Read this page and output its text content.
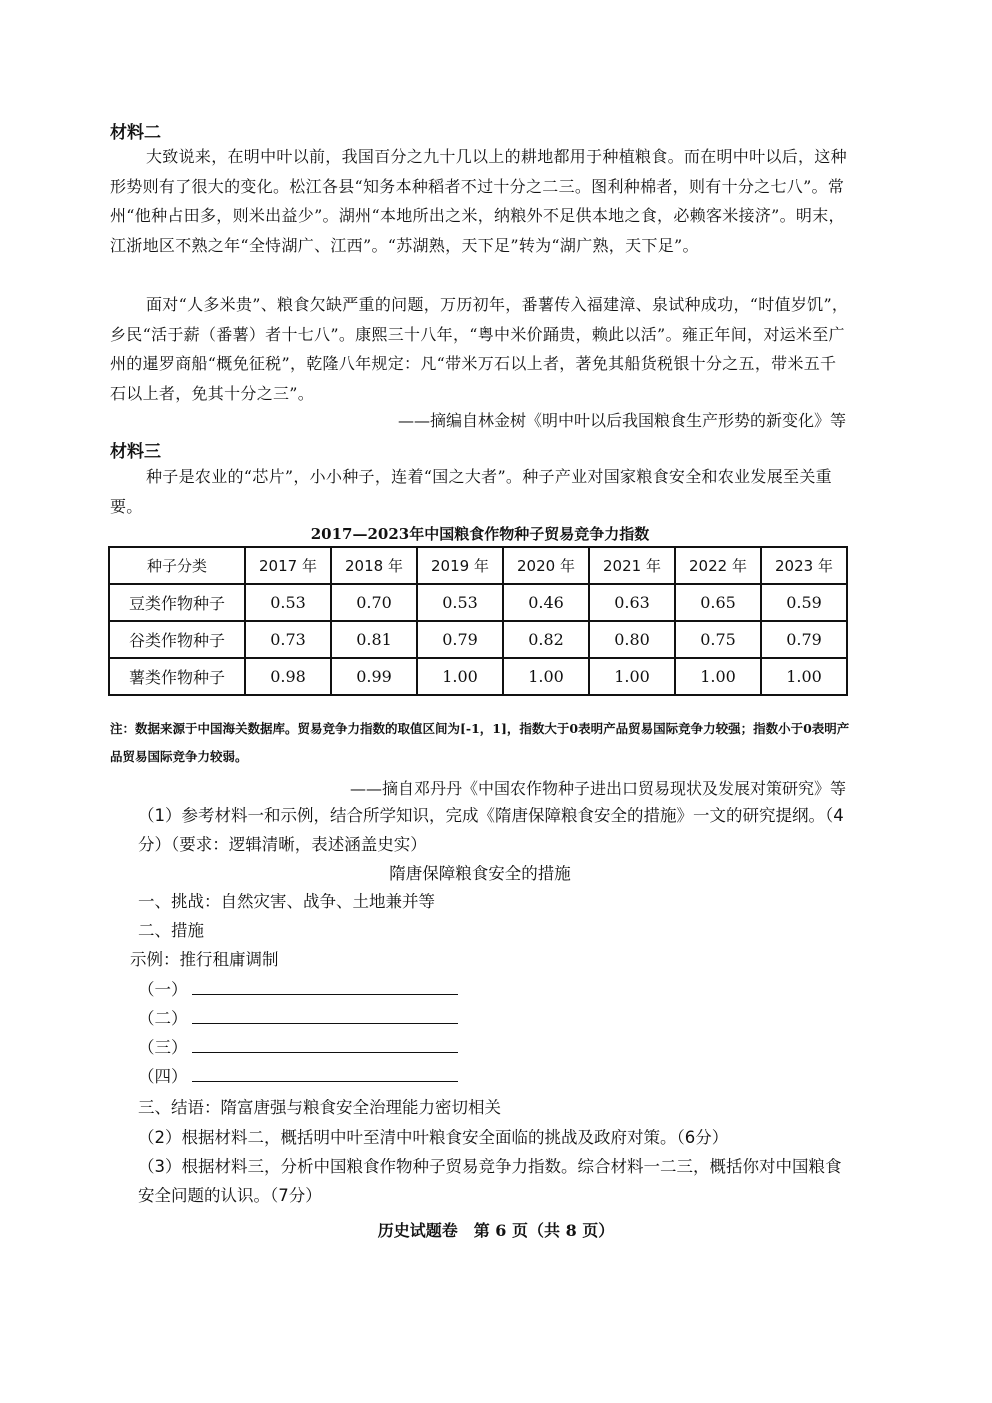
材料二

大致说来，在明中叶以前，我国百分之九十几以上的耕地都用于种植粮食。而在明中叶以后，这种形势则有了很大的变化。松江各县“知务本种稻者不过十分之二三。图利种棉者，则有十分之七八”。常州“他种占田多，则米出益少”。湖州“本地所出之米，纳粮外不足供本地之食，必赖客米接济”。明末，江浙地区不熟之年“全恃湖广、江西”。“苏湖熟，天下足”转为“湖广熟，天下足”。

面对“人多米贵”、粮食欠缺严重的问题，万历初年，番薯传入福建漳、泉试种成功，“时值岁饥”，乡民“活于薪（番薯）者十七八”。康熙三十八年，“粤中米价踊贵，赖此以活”。雍正年间，对运米至广州的暹罗商船“概免征税”，乾隆八年规定：凡“带米万石以上者，著免其船货税银十分之五，带米五千石以上者，免其十分之三”。

——摘编自林金树《明中叶以后我国粮食生产形势的新变化》等
材料三

种子是农业的“芯片”，小小种子，连着“国之大者”。种子产业对国家粮食安全和农业发展至关重要。

2017—2023年中国粮食作物种子贸易竞争力指数
种子分类	2017 年	2018 年	2019 年	2020 年	2021 年	2022 年	2023 年
豆类作物种子	0.53	0.70	0.53	0.46	0.63	0.65	0.59
谷类作物种子	0.73	0.81	0.79	0.82	0.80	0.75	0.79
薯类作物种子	0.98	0.99	1.00	1.00	1.00	1.00	1.00
注：数据来源于中国海关数据库。贸易竞争力指数的取值区间为[-1，1]，指数大于0表明产品贸易国际竞争力较强；指数小于0表明产品贸易国际竞争力较弱。
——摘自邓丹丹《中国农作物种子进出口贸易现状及发展对策研究》等
（1）参考材料一和示例，结合所学知识，完成《隋唐保障粮食安全的措施》一文的研究提纲。（4分）（要求：逻辑清晰，表述涵盖史实）
隋唐保障粮食安全的措施
一、挑战：自然灾害、战争、土地兼并等
二、措施
示例：推行租庸调制
（一）
（二）
（三）
（四）
三、结语：隋富唐强与粮食安全治理能力密切相关
（2）根据材料二，概括明中叶至清中叶粮食安全面临的挑战及政府对策。（6分）
（3）根据材料三，分析中国粮食作物种子贸易竞争力指数。综合材料一二三，概括你对中国粮食安全问题的认识。（7分）
历史试题卷　第 6 页（共 8 页）
